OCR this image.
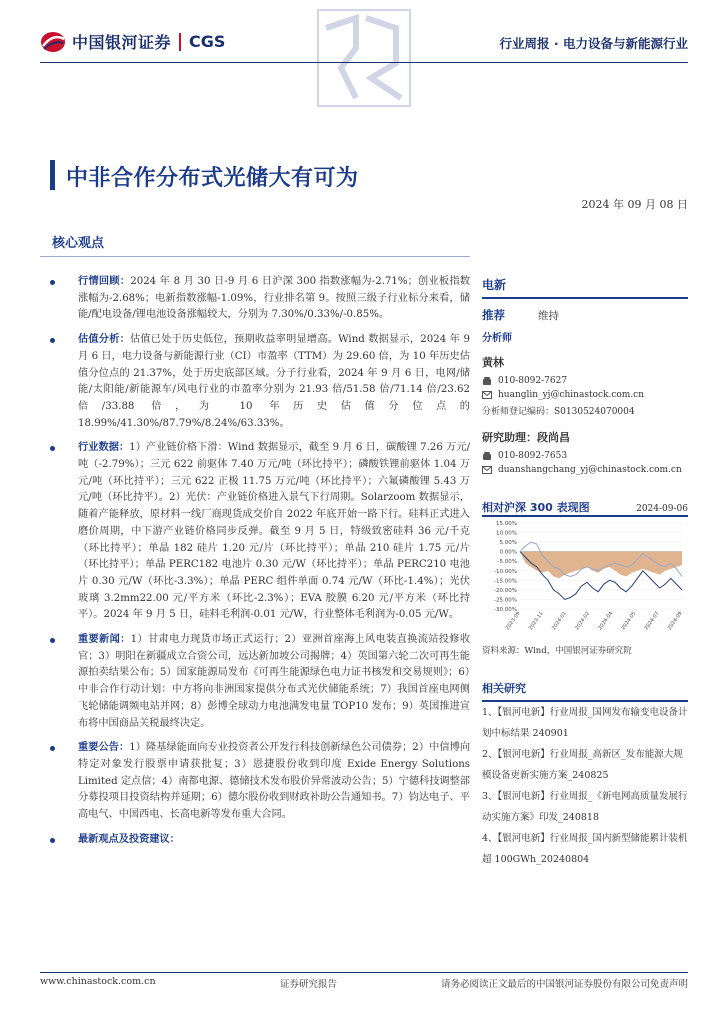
中国银河证券 CGS	行业周报 · 电力设备与新能源行业
中非合作分布式光储大有可为
2024 年 09 月 08 日
核心观点
行情回顾：2024 年 8 月 30 日-9 月 6 日沪深 300 指数涨幅为-2.71%；创业板指数涨幅为-2.68%；电新指数涨幅-1.09%，行业排名第 9。按照三级子行业标分来看，储能/配电设备/锂电池设备涨幅较大，分别为 7.30%/0.33%/-0.85%。
估值分析：估值已处于历史低位，预期收益率明显增高。Wind 数据显示，2024 年 9 月 6 日，电力设备与新能源行业（CI）市盈率（TTM）为 29.60 倍，为 10 年历史估值分位点的 21.37%，处于历史底部区域。分子行业看，2024 年 9 月 6 日，电网/储能/太阳能/新能源车/风电行业的市盈率分别为 21.93 倍/51.58 倍/71.14 倍/23.62 倍/33.88 倍，为 10 年历史估值分位点的 18.99%/41.30%/87.79%/8.24%/63.33%。
行业数据：1）产业链价格下滑：Wind 数据显示，截至 9 月 6 日，碳酸锂 7.26 万元/吨（-2.79%）；三元 622 前驱体 7.40 万元/吨（环比持平）；磷酸铁锂前驱体 1.04 万元/吨（环比持平）；三元 622 正极 11.75 万元/吨（环比持平）；六氟磷酸锂 5.43 万元/吨（环比持平）。2）光伏：产业链价格进入景气下行周期。Solarzoom 数据显示，随着产能释放，原材料一线厂商现货成交价自 2022 年底开始一路下行。硅料正式进入磨价周期，中下游产业链价格同步反弹。截至 9 月 5 日，特级致密硅料 36 元/千克（环比持平）；单晶 182 硅片 1.20 元/片（环比持平）；单晶 210 硅片 1.75 元/片（环比持平）；单晶 PERC182 电池片 0.30 元/W（环比持平）；单晶 PERC210 电池片 0.30 元/W（环比-3.3%）；单晶 PERC 组件单面 0.74 元/W（环比-1.4%）；光伏玻璃 3.2mm22.00 元/平方米（环比-2.3%）；EVA 胶膜 6.20 元/平方米（环比持平）。2024 年 9 月 5 日，硅料毛利润-0.01 元/W，行业整体毛利润为-0.05 元/W。
重要新闻：1）甘肃电力现货市场正式运行；2）亚洲首座海上风电装直换流站投修收官；3）明阳在新疆成立合资公司，远达新加坡公司揭牌；4）英国第六轮二次可再生能源拍卖结果公布；5）国家能源局发布《可再生能源绿色电力证书核发和交易规则》；6）中非合作行动计划：中方将向非洲国家提供分布式光伏储能系统；7）我国首座电网侧飞轮储能调频电站并网；8）彭博全球动力电池满发电量 TOP10 发布；9）英国推进宣布将中国商品关税最终决定。
重要公告：1）隆基绿能面向专业投资者公开发行科技创新绿色公司债券；2）中信博向特定对象发行股票申请获批复；3）恩捷股份收到印度 Exide Energy Solutions Limited 定点信；4）南都电源、德储技术发布股价异常波动公告；5）宁德科技调整部分募投项目投资结构并延期；6）德尔股份收到财政补助公告通知书。7）钧达电子、平高电气、中国西电、长高电新等发布重大合同。
最新观点及投资建议：
电新
推荐	维持
分析师
黄林
010-8092-7627
huanglin_yj@chinastock.com.cn
分析师登记编码：S0130524070004
研究助理：段尚昌
010-8092-7653
duanshangchang_yj@chinastock.com.cn
相对沪深 300 表现图	2024-09-06
15.00%
10.00%
5.00%
0.00%
-5.00%
-10.00%
-15.00%
-20.00%
-25.00%
-30.00%
2023-09 2023-11 2024-01 2024-02 2024-04 2024-05 2024-07 2024-09
资料来源：Wind，中国银河证券研究院
相关研究
1、【银河电新】行业周报_国网发布输变电设备计划中标结果 240901
2、【银河电新】行业周报_高新区_发布能源大规模设备更新实施方案_240825
3、【银河电新】行业周报_《新电网高质量发展行动实施方案》印发_240818
4、【银河电新】行业周报_国内新型储能累计装机超 100GWh_20240804
www.chinastock.com.cn	证券研究报告	请务必阅读正文最后的中国银河证券股份有限公司免责声明
